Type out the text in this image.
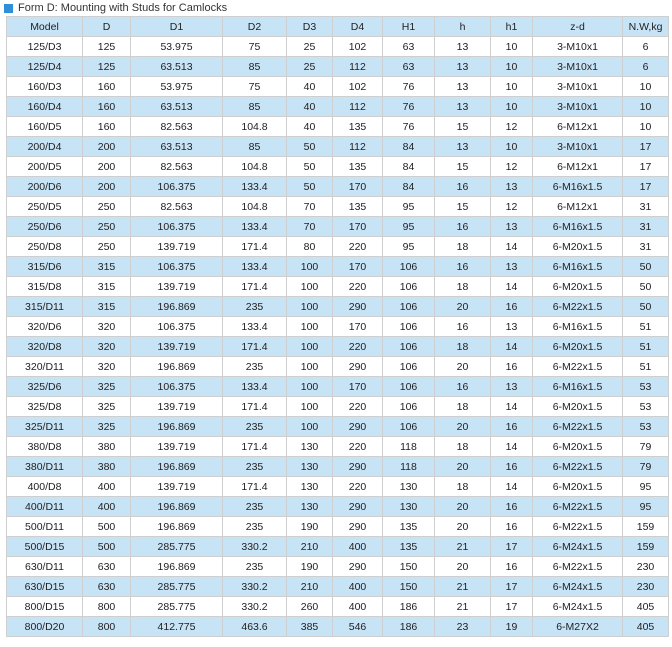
Form D: Mounting with Studs for Camlocks
Model	D	D1	D2	D3	D4	H1	h	h1	z-d	N.W,kg
125/D3	125	53.975	75	25	102	63	13	10	3-M10x1	6
125/D4	125	63.513	85	25	112	63	13	10	3-M10x1	6
160/D3	160	53.975	75	40	102	76	13	10	3-M10x1	10
160/D4	160	63.513	85	40	112	76	13	10	3-M10x1	10
160/D5	160	82.563	104.8	40	135	76	15	12	6-M12x1	10
200/D4	200	63.513	85	50	112	84	13	10	3-M10x1	17
200/D5	200	82.563	104.8	50	135	84	15	12	6-M12x1	17
200/D6	200	106.375	133.4	50	170	84	16	13	6-M16x1.5	17
250/D5	250	82.563	104.8	70	135	95	15	12	6-M12x1	31
250/D6	250	106.375	133.4	70	170	95	16	13	6-M16x1.5	31
250/D8	250	139.719	171.4	80	220	95	18	14	6-M20x1.5	31
315/D6	315	106.375	133.4	100	170	106	16	13	6-M16x1.5	50
315/D8	315	139.719	171.4	100	220	106	18	14	6-M20x1.5	50
315/D11	315	196.869	235	100	290	106	20	16	6-M22x1.5	50
320/D6	320	106.375	133.4	100	170	106	16	13	6-M16x1.5	51
320/D8	320	139.719	171.4	100	220	106	18	14	6-M20x1.5	51
320/D11	320	196.869	235	100	290	106	20	16	6-M22x1.5	51
325/D6	325	106.375	133.4	100	170	106	16	13	6-M16x1.5	53
325/D8	325	139.719	171.4	100	220	106	18	14	6-M20x1.5	53
325/D11	325	196.869	235	100	290	106	20	16	6-M22x1.5	53
380/D8	380	139.719	171.4	130	220	118	18	14	6-M20x1.5	79
380/D11	380	196.869	235	130	290	118	20	16	6-M22x1.5	79
400/D8	400	139.719	171.4	130	220	130	18	14	6-M20x1.5	95
400/D11	400	196.869	235	130	290	130	20	16	6-M22x1.5	95
500/D11	500	196.869	235	190	290	135	20	16	6-M22x1.5	159
500/D15	500	285.775	330.2	210	400	135	21	17	6-M24x1.5	159
630/D11	630	196.869	235	190	290	150	20	16	6-M22x1.5	230
630/D15	630	285.775	330.2	210	400	150	21	17	6-M24x1.5	230
800/D15	800	285.775	330.2	260	400	186	21	17	6-M24x1.5	405
800/D20	800	412.775	463.6	385	546	186	23	19	6-M27X2	405
